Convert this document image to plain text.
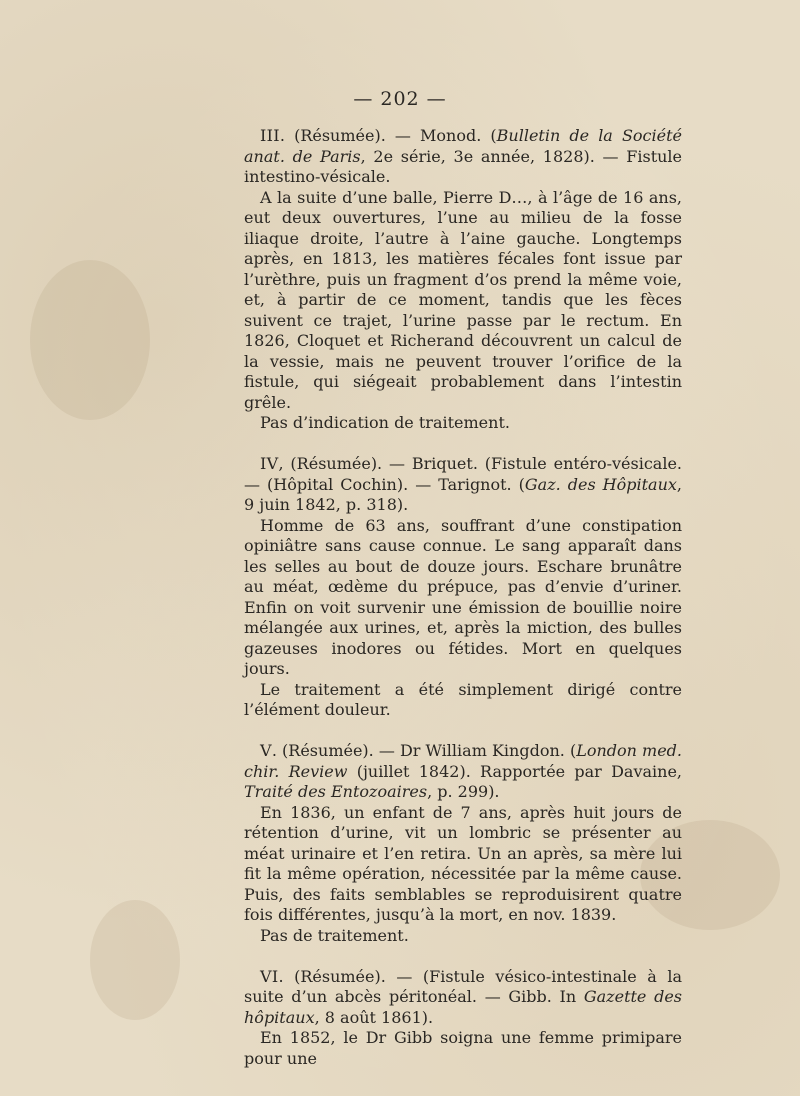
— 202 —

III. (Résumée). — Monod. (Bulletin de la Société anat. de Paris, 2e série, 3e année, 1828). — Fistule intestino-vésicale.

A la suite d’une balle, Pierre D…, à l’âge de 16 ans, eut deux ouvertures, l’une au milieu de la fosse iliaque droite, l’autre à l’aine gauche. Longtemps après, en 1813, les matières fécales font issue par l’urèthre, puis un fragment d’os prend la même voie, et, à partir de ce moment, tandis que les fèces suivent ce trajet, l’urine passe par le rectum. En 1826, Cloquet et Richerand découvrent un calcul de la vessie, mais ne peuvent trouver l’orifice de la fistule, qui siégeait probablement dans l’intestin grêle.

Pas d’indication de traitement.

IV, (Résumée). — Briquet. (Fistule entéro-vésicale. — (Hôpital Cochin). — Tarignot. (Gaz. des Hôpitaux, 9 juin 1842, p. 318).

Homme de 63 ans, souffrant d’une constipation opiniâtre sans cause connue. Le sang apparaît dans les selles au bout de douze jours. Eschare brunâtre au méat, œdème du prépuce, pas d’envie d’uriner. Enfin on voit survenir une émission de bouillie noire mélangée aux urines, et, après la miction, des bulles gazeuses inodores ou fétides. Mort en quelques jours.

Le traitement a été simplement dirigé contre l’élément douleur.

V. (Résumée). — Dr William Kingdon. (London med. chir. Review (juillet 1842). Rapportée par Davaine, Traité des Entozoaires, p. 299).

En 1836, un enfant de 7 ans, après huit jours de rétention d’urine, vit un lombric se présenter au méat urinaire et l’en retira. Un an après, sa mère lui fit la même opération, nécessitée par la même cause. Puis, des faits semblables se reproduisirent quatre fois différentes, jusqu’à la mort, en nov. 1839.

Pas de traitement.

VI. (Résumée). — (Fistule vésico-intestinale à la suite d’un abcès péritonéal. — Gibb. In Gazette des hôpitaux, 8 août 1861).

En 1852, le Dr Gibb soigna une femme primipare pour une
